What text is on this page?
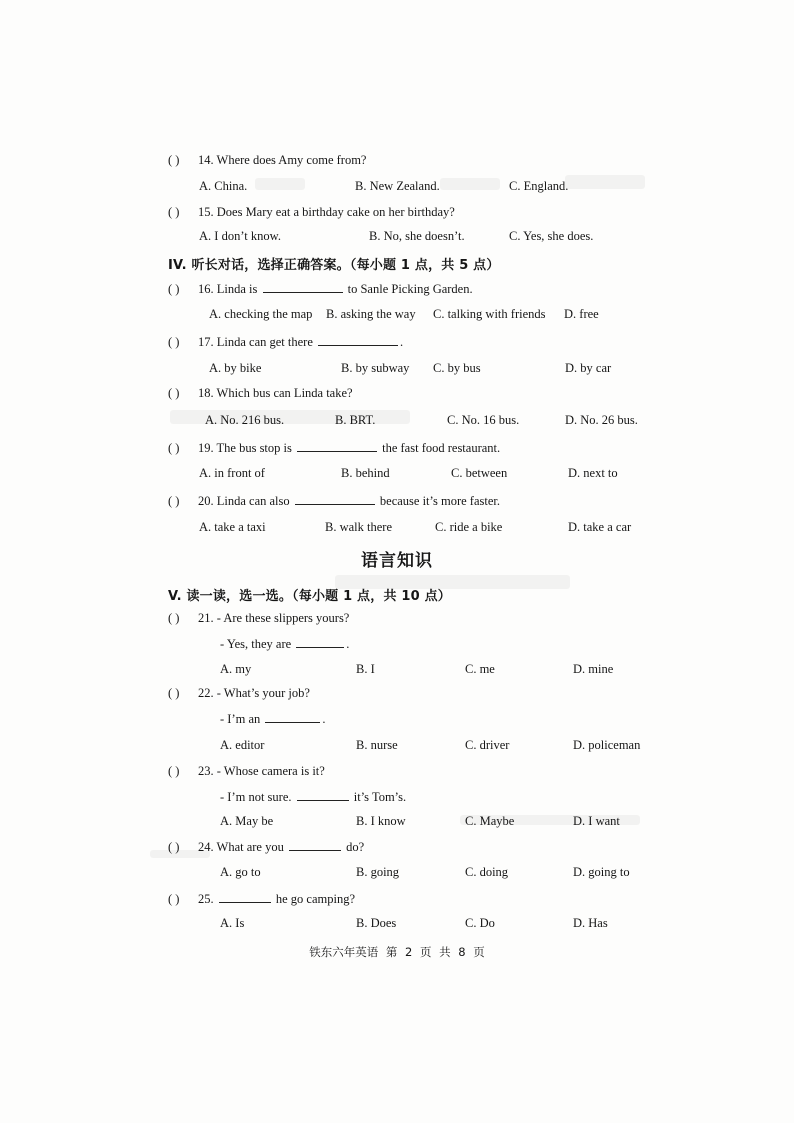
( ) 14. Where does Amy come from?
A. China.	B. New Zealand.	C. England.
( ) 15. Does Mary eat a birthday cake on her birthday?
A. I don’t know.	B. No, she doesn’t.	C. Yes, she does.
IV. 听长对话，选择正确答案。（每小题 1 点，共 5 点）
( ) 16. Linda is	to Sanle Picking Garden.
A. checking the map B. asking the way C. talking with friends D. free
( ) 17. Linda can get there	.
A. by bike	B. by subway C. by bus	D. by car
( ) 18. Which bus can Linda take?
A. No. 216 bus.	B. BRT.	C. No. 16 bus.	D. No. 26 bus.
( ) 19. The bus stop is	the fast food restaurant.
A. in front of	B. behind	C. between	D. next to
( ) 20. Linda can also	because it’s more faster.
A. take a taxi	B. walk there	C. ride a bike	D. take a car
语言知识
V. 读一读，选一选。（每小题 1 点，共 10 点）
( ) 21. - Are these slippers yours?
- Yes, they are	.
A. my	B. I	C. me	D. mine
( ) 22. - What’s your job?
- I’m an	.
A. editor	B. nurse	C. driver	D. policeman
( ) 23. - Whose camera is it?
- I’m not sure.	it’s Tom’s.
A. May be	B. I know	C. Maybe	D. I want
( ) 24. What are you	do?
A. go to	B. going	C. doing	D. going to
( ) 25.	he go camping?
A. Is	B. Does	C. Do	D. Has
铁东六年英语 第 2 页 共 8 页
